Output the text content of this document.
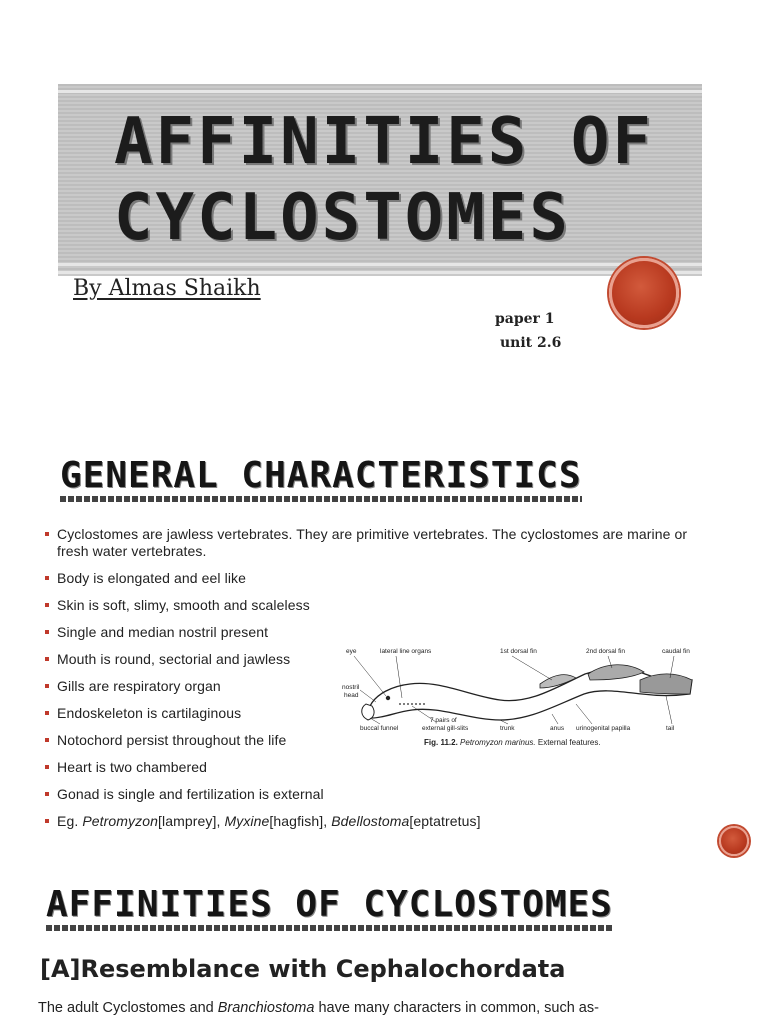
AFFINITIES OF CYCLOSTOMES

By Almas Shaikh

paper 1

unit 2.6

GENERAL CHARACTERISTICS
Cyclostomes are jawless vertebrates. They are primitive vertebrates. The cyclostomes are marine or fresh water vertebrates.
Body is elongated and eel like
Skin is soft, slimy, smooth and scaleless
Single and median nostril present
Mouth is round, sectorial and jawless
Gills are respiratory organ
Endoskeleton is cartilaginous
Notochord persist throughout the life
Heart is two chambered
Gonad is single and fertilization is external
Eg. Petromyzon[lamprey], Myxine[hagfish], Bdellostoma[eptatretus]
eye	lateral line organs	1st dorsal fin	2nd dorsal fin	caudal fin
nostril
head
buccal funnel
7 pairs of
external gill-slits	trunk	anus urinogenital papilla	tail

Fig. 11.2. Petromyzon marinus. External features.

AFFINITIES OF CYCLOSTOMES
[A]Resemblance with Cephalochordata

The adult Cyclostomes and Branchiostoma have many characters in common, such as-
